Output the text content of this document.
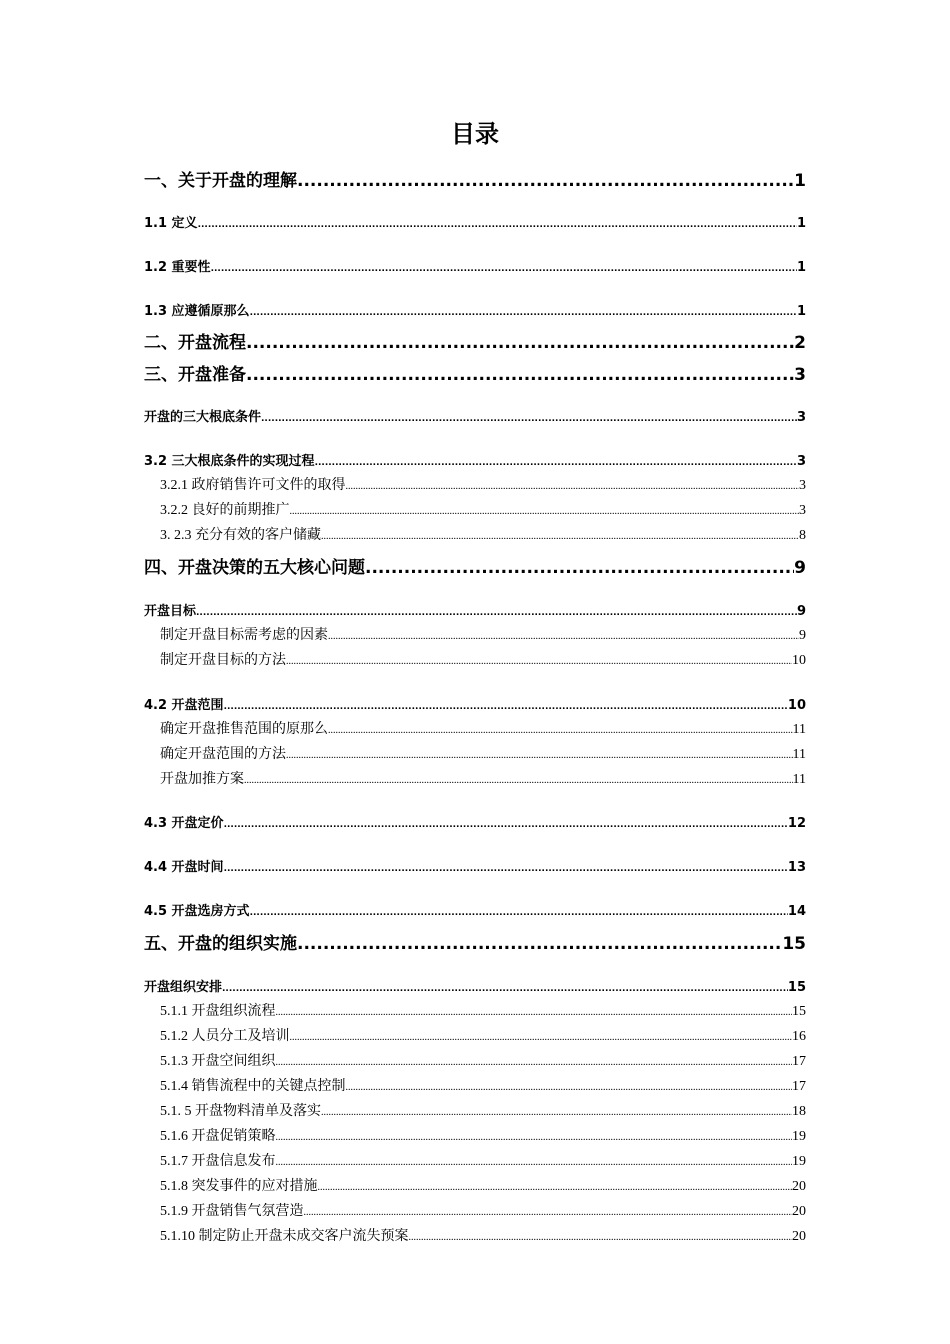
目录
一、关于开盘的理解 .....	1
1.1 定义 .....	1
1.2 重要性 .....	1
1.3 应遵循原那么 .....	1
二、开盘流程 .....	2
三、开盘准备 .....	3
开盘的三大根底条件 .....	3
3.2 三大根底条件的实现过程 .....	3
3.2.1 政府销售许可文件的取得 .....	3
3.2.2 良好的前期推广 .....	3
3. 2.3 充分有效的客户储藏 .....	8
四、开盘决策的五大核心问题 .....	9
开盘目标 .....	9
制定开盘目标需考虑的因素 .....	9
制定开盘目标的方法 .....	10
4.2 开盘范围 .....	10
确定开盘推售范围的原那么 .....	11
确定开盘范围的方法 .....	11
开盘加推方案 .....	11
4.3 开盘定价 .....	12
4.4 开盘时间 .....	13
4.5 开盘选房方式 .....	14
五、开盘的组织实施 .....	15
开盘组织安排 .....	15
5.1.1 开盘组织流程 .....	15
5.1.2 人员分工及培训 .....	16
5.1.3 开盘空间组织 .....	17
5.1.4 销售流程中的关键点控制 .....	17
5.1. 5 开盘物料清单及落实 .....	18
5.1.6 开盘促销策略 .....	19
5.1.7 开盘信息发布 .....	19
5.1.8 突发事件的应对措施 .....	20
5.1.9 开盘销售气氛营造 .....	20
5.1.10 制定防止开盘未成交客户流失预案 .....	20
